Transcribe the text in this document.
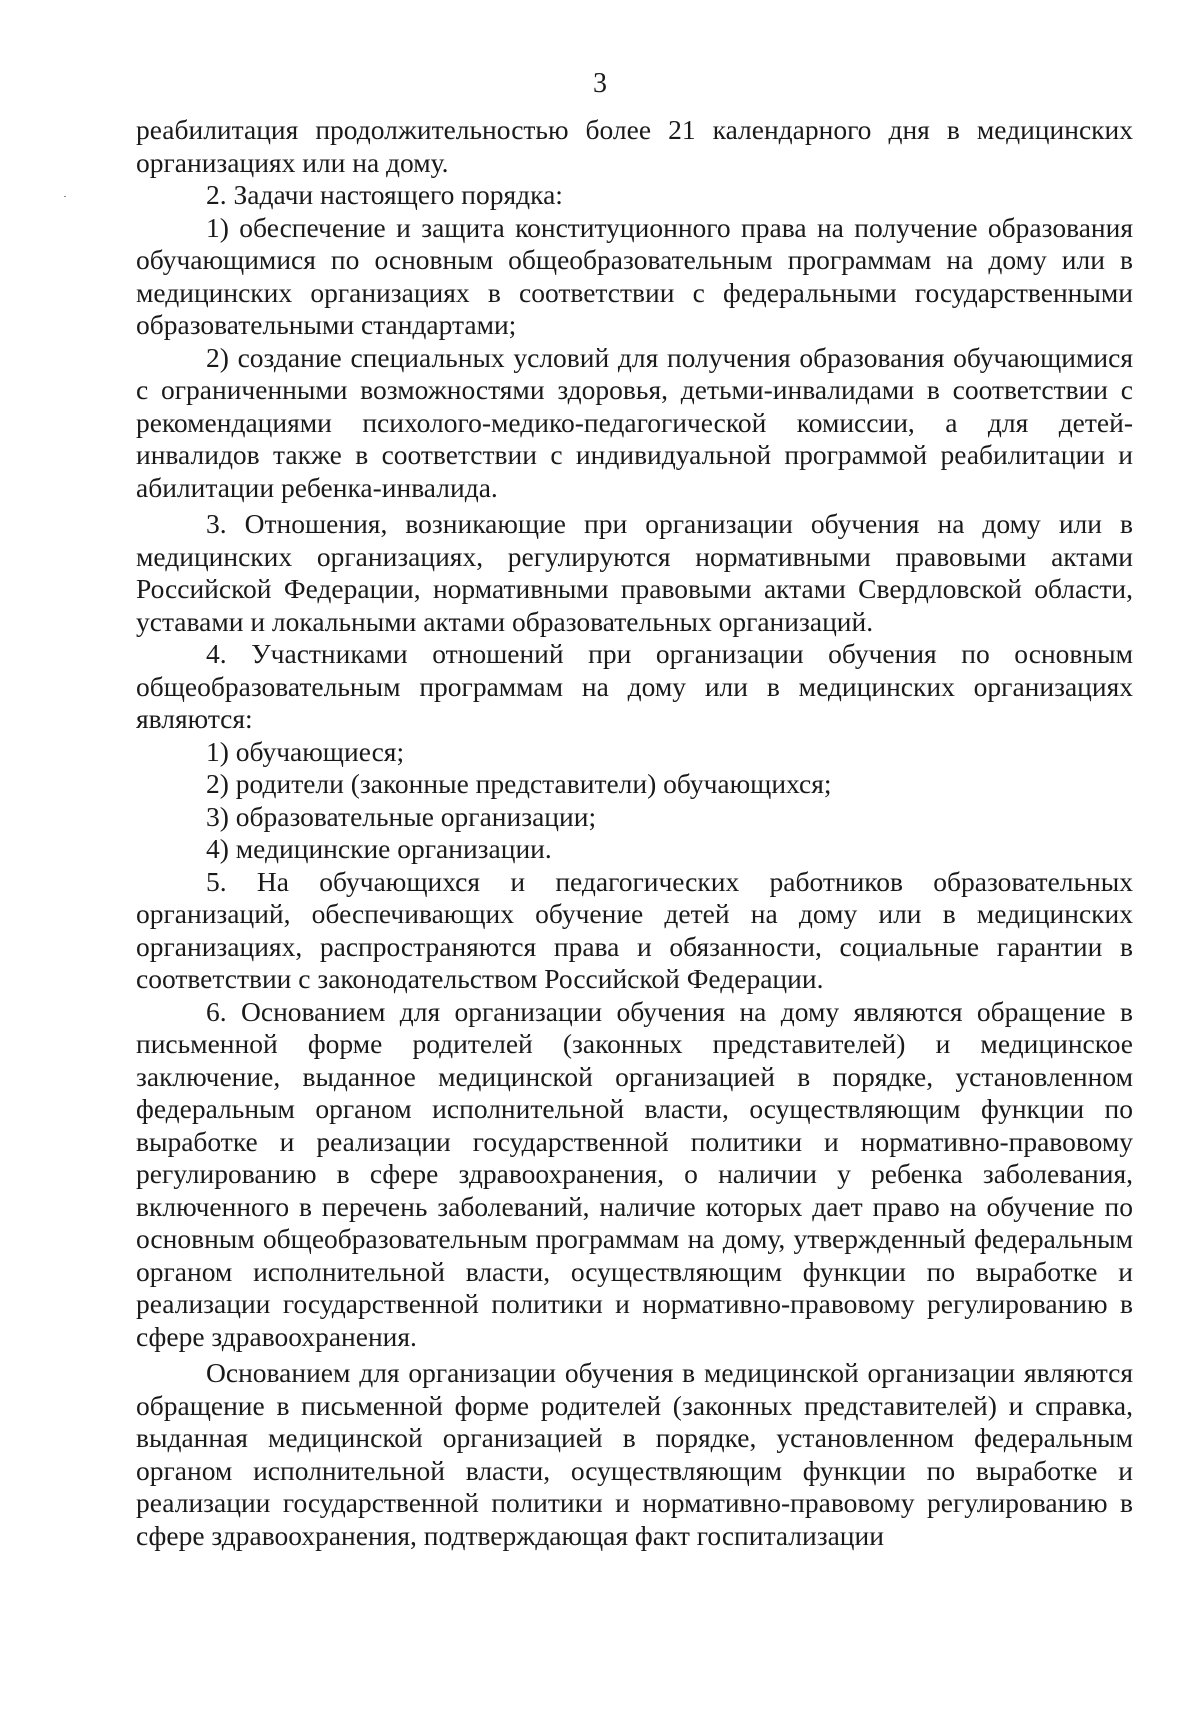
3

реабилитация продолжительностью более 21 календарного дня в медицинских организациях или на дому.

2. Задачи настоящего порядка:

1) обеспечение и защита конституционного права на получение образования обучающимися по основным общеобразовательным программам на дому или в медицинских организациях в соответствии с федеральными государственными образовательными стандартами;

2) создание специальных условий для получения образования обучающимися с ограниченными возможностями здоровья, детьми-инвалидами в соответствии с рекомендациями психолого-медико-педагогической комиссии, а для детей-инвалидов также в соответствии с индивидуальной программой реабилитации и абилитации ребенка-инвалида.

3. Отношения, возникающие при организации обучения на дому или в медицинских организациях, регулируются нормативными правовыми актами Российской Федерации, нормативными правовыми актами Свердловской области, уставами и локальными актами образовательных организаций.

4. Участниками отношений при организации обучения по основным общеобразовательным программам на дому или в медицинских организациях являются:

1) обучающиеся;

2) родители (законные представители) обучающихся;

3) образовательные организации;

4) медицинские организации.

5. На обучающихся и педагогических работников образовательных организаций, обеспечивающих обучение детей на дому или в медицинских организациях, распространяются права и обязанности, социальные гарантии в соответствии с законодательством Российской Федерации.

6. Основанием для организации обучения на дому являются обращение в письменной форме родителей (законных представителей) и медицинское заключение, выданное медицинской организацией в порядке, установленном федеральным органом исполнительной власти, осуществляющим функции по выработке и реализации государственной политики и нормативно-правовому регулированию в сфере здравоохранения, о наличии у ребенка заболевания, включенного в перечень заболеваний, наличие которых дает право на обучение по основным общеобразовательным программам на дому, утвержденный федеральным органом исполнительной власти, осуществляющим функции по выработке и реализации государственной политики и нормативно-правовому регулированию в сфере здравоохранения.

Основанием для организации обучения в медицинской организации являются обращение в письменной форме родителей (законных представителей) и справка, выданная медицинской организацией в порядке, установленном федеральным органом исполнительной власти, осуществляющим функции по выработке и реализации государственной политики и нормативно-правовому регулированию в сфере здравоохранения, подтверждающая факт госпитализации
